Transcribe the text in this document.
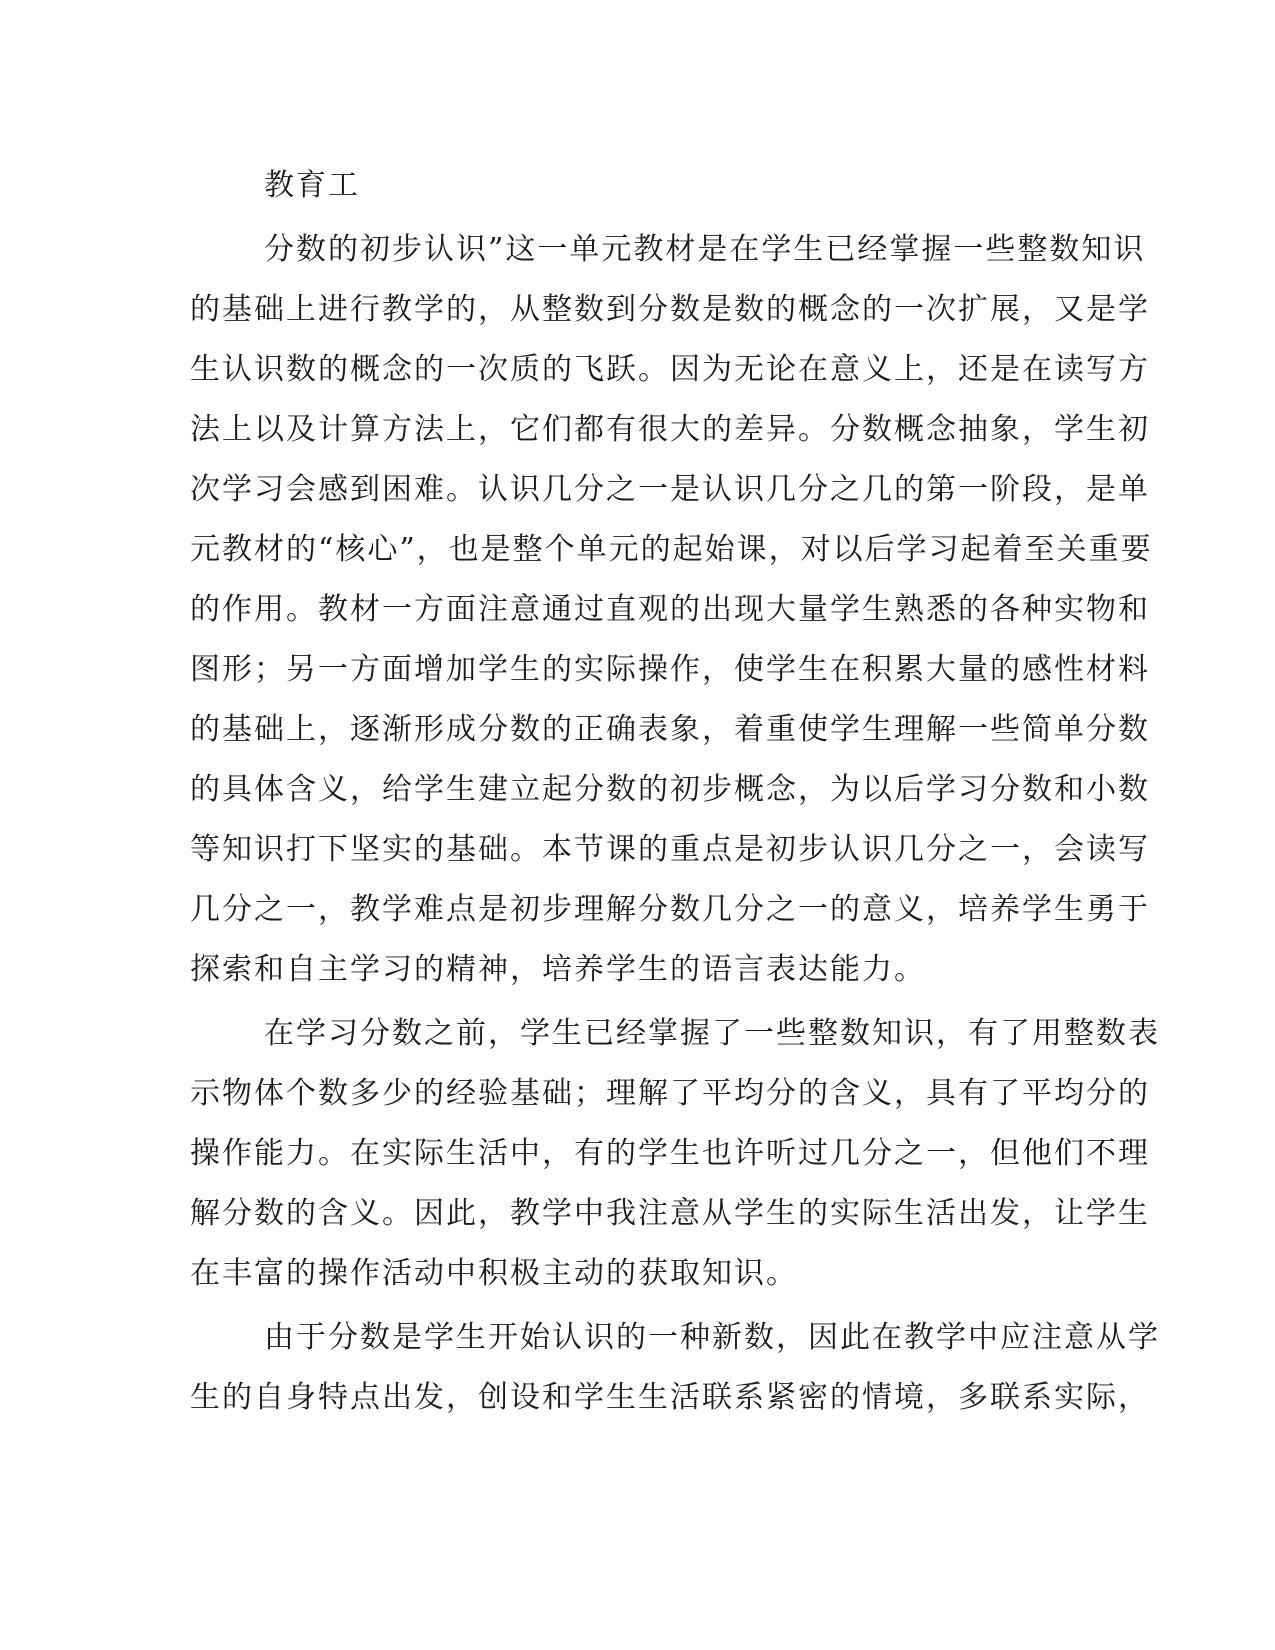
教育工
分数的初步认识”这一单元教材是在学生已经掌握一些整数知识
的基础上进行教学的，从整数到分数是数的概念的一次扩展，又是学
生认识数的概念的一次质的飞跃。因为无论在意义上，还是在读写方
法上以及计算方法上，它们都有很大的差异。分数概念抽象，学生初
次学习会感到困难。认识几分之一是认识几分之几的第一阶段，是单
元教材的“核心”，也是整个单元的起始课，对以后学习起着至关重要
的作用。教材一方面注意通过直观的出现大量学生熟悉的各种实物和
图形；另一方面增加学生的实际操作，使学生在积累大量的感性材料
的基础上，逐渐形成分数的正确表象，着重使学生理解一些简单分数
的具体含义，给学生建立起分数的初步概念，为以后学习分数和小数
等知识打下坚实的基础。本节课的重点是初步认识几分之一，会读写
几分之一，教学难点是初步理解分数几分之一的意义，培养学生勇于
探索和自主学习的精神，培养学生的语言表达能力。
在学习分数之前，学生已经掌握了一些整数知识，有了用整数表
示物体个数多少的经验基础；理解了平均分的含义，具有了平均分的
操作能力。在实际生活中，有的学生也许听过几分之一，但他们不理
解分数的含义。因此，教学中我注意从学生的实际生活出发，让学生
在丰富的操作活动中积极主动的获取知识。
由于分数是学生开始认识的一种新数，因此在教学中应注意从学
生的自身特点出发，创设和学生生活联系紧密的情境，多联系实际，
